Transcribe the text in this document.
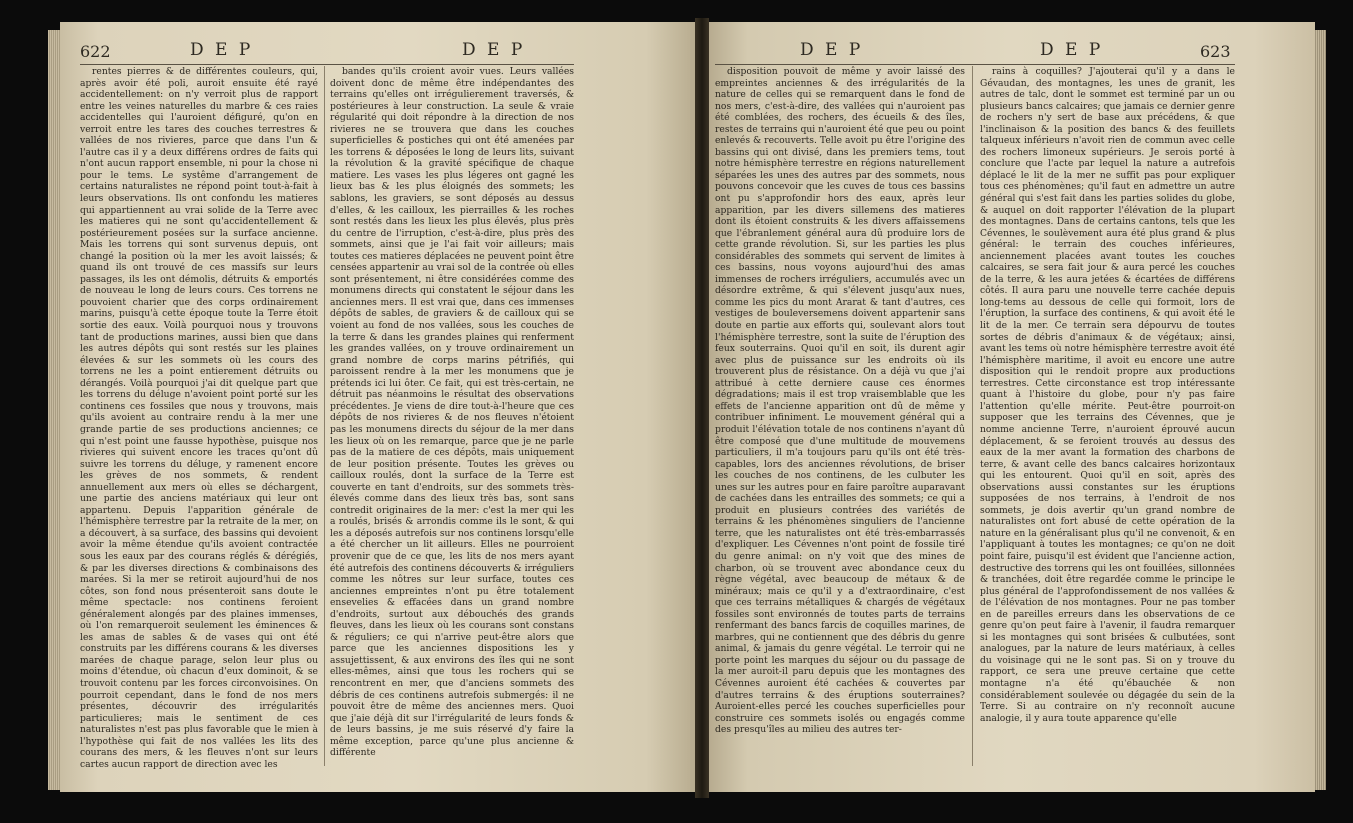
622	D E P	D E P

rentes pierres & de différentes couleurs, qui, après avoir été poli, auroit ensuite été rayé accidentellement: on n'y verroit plus de rapport entre les veines naturelles du marbre & ces raies accidentelles qui l'auroient défiguré, qu'on en verroit entre les tares des couches terrestres & vallées de nos rivieres, parce que dans l'un & l'autre cas il y a deux différens ordres de faits qui n'ont aucun rapport ensemble, ni pour la chose ni pour le tems. Le systême d'arrangement de certains naturalistes ne répond point tout-à-fait à leurs observations. Ils ont confondu les matieres qui appartiennent au vrai solide de la Terre avec les matieres qui ne sont qu'accidentellement & postérieurement posées sur la surface ancienne. Mais les torrens qui sont survenus depuis, ont changé la position où la mer les avoit laissés; & quand ils ont trouvé de ces massifs sur leurs passages, ils les ont démolis, détruits & emportés de nouveau le long de leurs cours. Ces torrens ne pouvoient charier que des corps ordinairement marins, puisqu'à cette époque toute la Terre étoit sortie des eaux. Voilà pourquoi nous y trouvons tant de productions marines, aussi bien que dans les autres dépôts qui sont restés sur les plaines élevées & sur les sommets où les cours des torrens ne les a point entierement détruits ou dérangés. Voilà pourquoi j'ai dit quelque part que les torrens du déluge n'avoient point porté sur les continens ces fossiles que nous y trouvons, mais qu'ils avoient au contraire rendu à la mer une grande partie de ses productions anciennes; ce qui n'est point une fausse hypothèse, puisque nos rivieres qui suivent encore les traces qu'ont dû suivre les torrens du déluge, y ramenent encore les grèves de nos sommets, & rendent annuellement aux mers où elles se déchargent, une partie des anciens matériaux qui leur ont appartenu. Depuis l'apparition générale de l'hémisphère terrestre par la retraite de la mer, on a découvert, à sa surface, des bassins qui devoient avoir la même étendue qu'ils avoient contractée sous les eaux par des courans réglés & dérégiés, & par les diverses directions & combinaisons des marées. Si la mer se retiroit aujourd'hui de nos côtes, son fond nous présenteroit sans doute le même spectacle: nos continens feroient généralement alongés par des plaines immenses, où l'on remarqueroit seulement les éminences & les amas de sables & de vases qui ont été construits par les différens courans & les diverses marées de chaque parage, selon leur plus ou moins d'étendue, où chacun d'eux dominoit, & se trouvoit contenu par les forces circonvoisines. On pourroit cependant, dans le fond de nos mers présentes, découvrir des irrégularités particulieres; mais le sentiment de ces naturalistes n'est pas plus favorable que le mien à l'hypothèse qui fait de nos vallées les lits des courans des mers, & les fleuves n'ont sur leurs cartes aucun rapport de direction avec les

bandes qu'ils croient avoir vues. Leurs vallées doivent donc de même être indépendantes des terrains qu'elles ont irrégulierement traversés, & postérieures à leur construction. La seule & vraie régularité qui doit répondre à la direction de nos rivieres ne se trouvera que dans les couches superficielles & postiches qui ont été amenées par les torrens & déposées le long de leurs lits, suivant la révolution & la gravité spécifique de chaque matiere. Les vases les plus légeres ont gagné les lieux bas & les plus éloignés des sommets; les sablons, les graviers, se sont déposés au dessus d'elles, & les cailloux, les pierrailles & les roches sont restés dans les lieux les plus élevés, plus près du centre de l'irruption, c'est-à-dire, plus près des sommets, ainsi que je l'ai fait voir ailleurs; mais toutes ces matieres déplacées ne peuvent point être censées appartenir au vrai sol de la contrée où elles sont présentement, ni être considérées comme des monumens directs qui constatent le séjour dans les anciennes mers. Il est vrai que, dans ces immenses dépôts de sables, de graviers & de cailloux qui se voient au fond de nos vallées, sous les couches de la terre & dans les grandes plaines qui renferment les grandes vallées, on y trouve ordinairement un grand nombre de corps marins pétrifiés, qui paroissent rendre à la mer les monumens que je prétends ici lui ôter. Ce fait, qui est très-certain, ne détruit pas néanmoins le résultat des observations précédentes. Je viens de dire tout-à-l'heure que ces dépôts de nos rivieres & de nos fleuves n'étoient pas les monumens directs du séjour de la mer dans les lieux où on les remarque, parce que je ne parle pas de la matiere de ces dépôts, mais uniquement de leur position présente. Toutes les grèves ou cailloux roulés, dont la surface de la Terre est couverte en tant d'endroits, sur des sommets très-élevés comme dans des lieux très bas, sont sans contredit originaires de la mer: c'est la mer qui les a roulés, brisés & arrondis comme ils le sont, & qui les a déposés autrefois sur nos continens lorsqu'elle a été chercher un lit ailleurs. Elles ne pourroient provenir que de ce que, les lits de nos mers ayant été autrefois des continens découverts & irréguliers comme les nôtres sur leur surface, toutes ces anciennes empreintes n'ont pu être totalement ensevelies & effacées dans un grand nombre d'endroits, surtout aux débouchés des grands fleuves, dans les lieux où les courans sont constans & réguliers; ce qui n'arrive peut-être alors que parce que les anciennes dispositions les y assujettissent, & aux environs des îles qui ne sont elles-mêmes, ainsi que tous les rochers qui se rencontrent en mer, que d'anciens sommets des débris de ces continens autrefois submergés: il ne pouvoit être de même des anciennes mers. Quoi que j'aie déjà dit sur l'irrégularité de leurs fonds & de leurs bassins, je me suis réservé d'y faire la même exception, parce qu'une plus ancienne & différente

D E P	D E P	623

disposition pouvoit de même y avoir laissé des empreintes anciennes & des irrégularités de la nature de celles qui se remarquent dans le fond de nos mers, c'est-à-dire, des vallées qui n'auroient pas été comblées, des rochers, des écueils & des îles, restes de terrains qui n'auroient été que peu ou point enlevés & recouverts. Telle avoit pu être l'origine des bassins qui ont divisé, dans les premiers tems, tout notre hémisphère terrestre en régions naturellement séparées les unes des autres par des sommets, nous pouvons concevoir que les cuves de tous ces bassins ont pu s'approfondir hors des eaux, après leur apparition, par les divers sillemens des matieres dont ils étoient construits & les divers affaissemens que l'ébranlement général aura dû produire lors de cette grande révolution. Si, sur les parties les plus considérables des sommets qui servent de limites à ces bassins, nous voyons aujourd'hui des amas immenses de rochers irréguliers, accumulés avec un désordre extrême, & qui s'élevent jusqu'aux nues, comme les pics du mont Ararat & tant d'autres, ces vestiges de bouleversemens doivent appartenir sans doute en partie aux efforts qui, soulevant alors tout l'hémisphère terrestre, sont la suite de l'éruption des feux souterrains. Quoi qu'il en soit, ils durent agir avec plus de puissance sur les endroits où ils trouverent plus de résistance. On a déjà vu que j'ai attribué à cette derniere cause ces énormes dégradations; mais il est trop vraisemblable que les effets de l'ancienne apparition ont dû de même y contribuer infiniment. Le mouvement général qui a produit l'élévation totale de nos continens n'ayant dû être composé que d'une multitude de mouvemens particuliers, il m'a toujours paru qu'ils ont été très-capables, lors des anciennes révolutions, de briser les couches de nos continens, de les culbuter les unes sur les autres pour en faire paroître auparavant de cachées dans les entrailles des sommets; ce qui a produit en plusieurs contrées des variétés de terrains & les phénomènes singuliers de l'ancienne terre, que les naturalistes ont été très-embarrassés d'expliquer. Les Cévennes n'ont point de fossile tiré du genre animal: on n'y voit que des mines de charbon, où se trouvent avec abondance ceux du règne végétal, avec beaucoup de métaux & de minéraux; mais ce qu'il y a d'extraordinaire, c'est que ces terrains métalliques & chargés de végétaux fossiles sont environnés de toutes parts de terrains renfermant des bancs farcis de coquilles marines, de marbres, qui ne contiennent que des débris du genre animal, & jamais du genre végétal. Le terroir qui ne porte point les marques du séjour ou du passage de la mer auroit-il paru depuis que les montagnes des Cévennes auroient été cachées & couvertes par d'autres terrains & des éruptions souterraines? Auroient-elles percé les couches superficielles pour construire ces sommets isolés ou engagés comme des presqu'îles au milieu des autres ter-

rains à coquilles? J'ajouterai qu'il y a dans le Gévaudan, des montagnes, les unes de granit, les autres de talc, dont le sommet est terminé par un ou plusieurs bancs calcaires; que jamais ce dernier genre de rochers n'y sert de base aux précédens, & que l'inclinaison & la position des bancs & des feuillets talqueux inférieurs n'avoit rien de commun avec celle des rochers limoneux supérieurs. Je serois porté à conclure que l'acte par lequel la nature a autrefois déplacé le lit de la mer ne suffit pas pour expliquer tous ces phénomènes; qu'il faut en admettre un autre général qui s'est fait dans les parties solides du globe, & auquel on doit rapporter l'élévation de la plupart des montagnes. Dans de certains cantons, tels que les Cévennes, le soulèvement aura été plus grand & plus général: le terrain des couches inférieures, anciennement placées avant toutes les couches calcaires, se sera fait jour & aura percé les couches de la terre, & les aura jetées & écartées de différens côtés. Il aura paru une nouvelle terre cachée depuis long-tems au dessous de celle qui formoit, lors de l'éruption, la surface des continens, & qui avoit été le lit de la mer. Ce terrain sera dépourvu de toutes sortes de débris d'animaux & de végétaux; ainsi, avant les tems où notre hémisphère terrestre avoit été l'hémisphère maritime, il avoit eu encore une autre disposition qui le rendoit propre aux productions terrestres. Cette circonstance est trop intéressante quant à l'histoire du globe, pour n'y pas faire l'attention qu'elle mérite. Peut-être pourroit-on supposer que les terrains des Cévennes, que je nomme ancienne Terre, n'auroient éprouvé aucun déplacement, & se feroient trouvés au dessus des eaux de la mer avant la formation des charbons de terre, & avant celle des bancs calcaires horizontaux qui les entourent. Quoi qu'il en soit, après des observations aussi constantes sur les éruptions supposées de nos terrains, à l'endroit de nos sommets, je dois avertir qu'un grand nombre de naturalistes ont fort abusé de cette opération de la nature en la généralisant plus qu'il ne convenoit, & en l'appliquant à toutes les montagnes; ce qu'on ne doit point faire, puisqu'il est évident que l'ancienne action, destructive des torrens qui les ont fouillées, sillonnées & tranchées, doit être regardée comme le principe le plus général de l'approfondissement de nos vallées & de l'élévation de nos montagnes. Pour ne pas tomber en de pareilles erreurs dans les observations de ce genre qu'on peut faire à l'avenir, il faudra remarquer si les montagnes qui sont brisées & culbutées, sont analogues, par la nature de leurs matériaux, à celles du voisinage qui ne le sont pas. Si on y trouve du rapport, ce sera une preuve certaine que cette montagne n'a été qu'ébauchée & non considérablement soulevée ou dégagée du sein de la Terre. Si au contraire on n'y reconnoît aucune analogie, il y aura toute apparence qu'elle
